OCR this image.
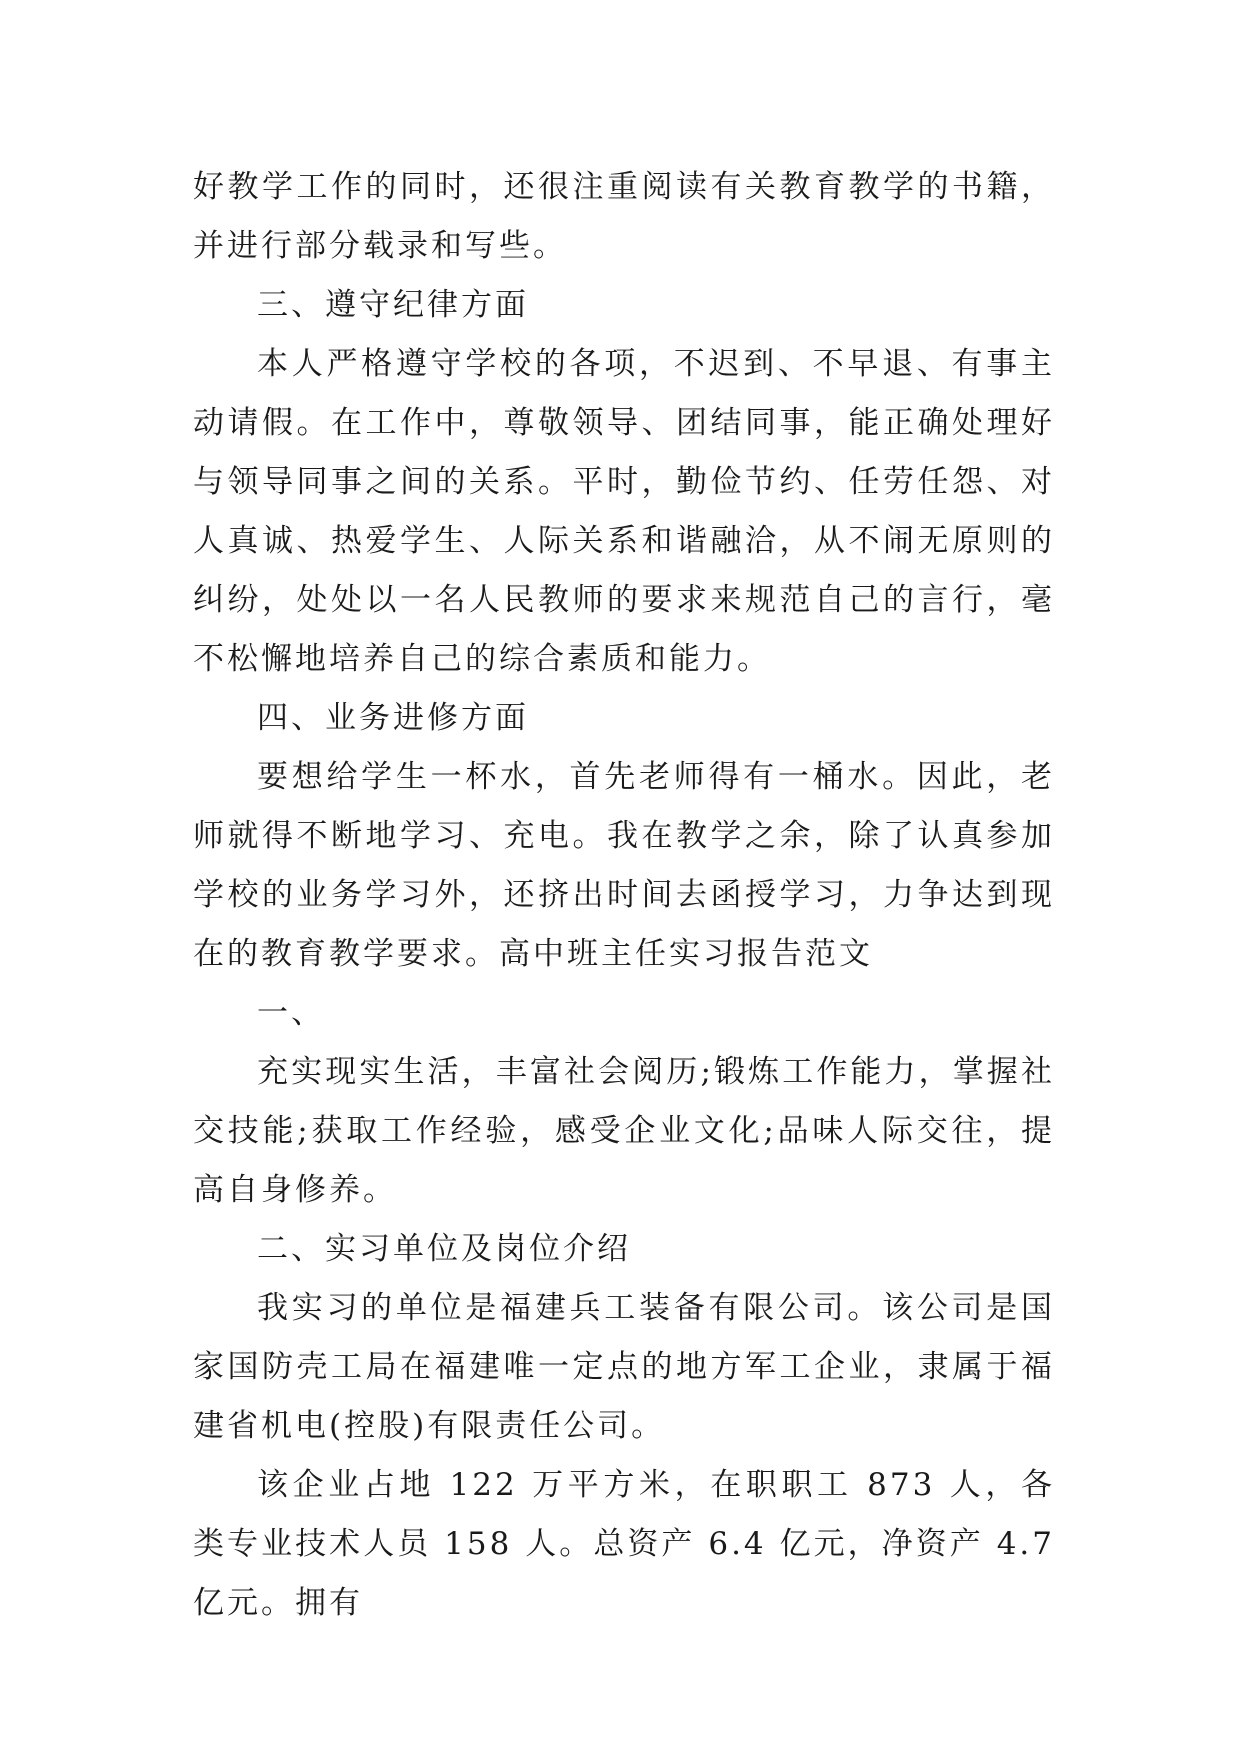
好教学工作的同时，还很注重阅读有关教育教学的书籍，并进行部分载录和写些。

三、遵守纪律方面

本人严格遵守学校的各项，不迟到、不早退、有事主动请假。在工作中，尊敬领导、团结同事，能正确处理好与领导同事之间的关系。平时，勤俭节约、任劳任怨、对人真诚、热爱学生、人际关系和谐融洽，从不闹无原则的纠纷，处处以一名人民教师的要求来规范自己的言行，毫不松懈地培养自己的综合素质和能力。

四、业务进修方面

要想给学生一杯水，首先老师得有一桶水。因此，老师就得不断地学习、充电。我在教学之余，除了认真参加学校的业务学习外，还挤出时间去函授学习，力争达到现在的教育教学要求。高中班主任实习报告范文

一、

充实现实生活，丰富社会阅历;锻炼工作能力，掌握社交技能;获取工作经验，感受企业文化;品味人际交往，提高自身修养。

二、实习单位及岗位介绍

我实习的单位是福建兵工装备有限公司。该公司是国家国防壳工局在福建唯一定点的地方军工企业，隶属于福建省机电(控股)有限责任公司。

该企业占地 122 万平方米，在职职工 873 人，各类专业技术人员 158 人。总资产 6.4 亿元，净资产 4.7 亿元。拥有
